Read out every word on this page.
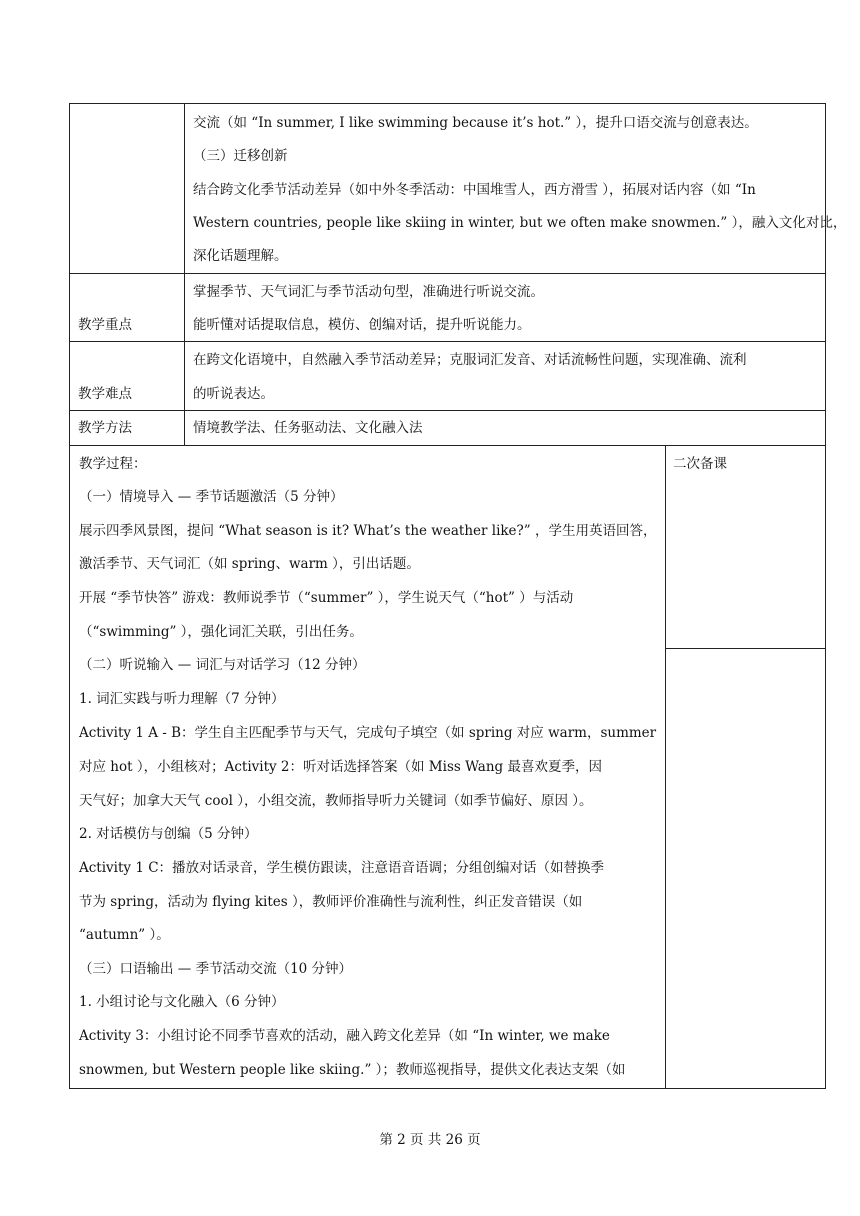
交流（如 “In summer, I like swimming because it’s hot.” ），提升口语交流与创意表达。
（三）迁移创新
结合跨文化季节活动差异（如中外冬季活动：中国堆雪人，西方滑雪 ），拓展对话内容（如 “In
Western countries, people like skiing in winter, but we often make snowmen.” ），融入文化对比，
深化话题理解。
教学重点
掌握季节、天气词汇与季节活动句型，准确进行听说交流。
能听懂对话提取信息，模仿、创编对话，提升听说能力。
教学难点
在跨文化语境中，自然融入季节活动差异；克服词汇发音、对话流畅性问题，实现准确、流利
的听说表达。
教学方法	情境教学法、任务驱动法、文化融入法
教学过程：
（一）情境导入 — 季节话题激活（5 分钟）
展示四季风景图，提问 “What season is it? What’s the weather like?” ，学生用英语回答，
激活季节、天气词汇（如 spring、warm ），引出话题。
开展 “季节快答” 游戏：教师说季节（“summer” ），学生说天气（“hot” ）与活动
（“swimming” ），强化词汇关联，引出任务。
（二）听说输入 — 词汇与对话学习（12 分钟）
1. 词汇实践与听力理解（7 分钟）
Activity 1 A - B：学生自主匹配季节与天气，完成句子填空（如 spring 对应 warm，summer
对应 hot ），小组核对；Activity 2：听对话选择答案（如 Miss Wang 最喜欢夏季，因
天气好；加拿大天气 cool ），小组交流，教师指导听力关键词（如季节偏好、原因 ）。
2. 对话模仿与创编（5 分钟）
Activity 1 C：播放对话录音，学生模仿跟读，注意语音语调；分组创编对话（如替换季
节为 spring，活动为 flying kites ），教师评价准确性与流利性，纠正发音错误（如
“autumn” ）。
（三）口语输出 — 季节活动交流（10 分钟）
1. 小组讨论与文化融入（6 分钟）
Activity 3：小组讨论不同季节喜欢的活动，融入跨文化差异（如 “In winter, we make
snowmen, but Western people like skiing.” ）；教师巡视指导，提供文化表达支架（如
二次备课
第 2 页 共 26 页
